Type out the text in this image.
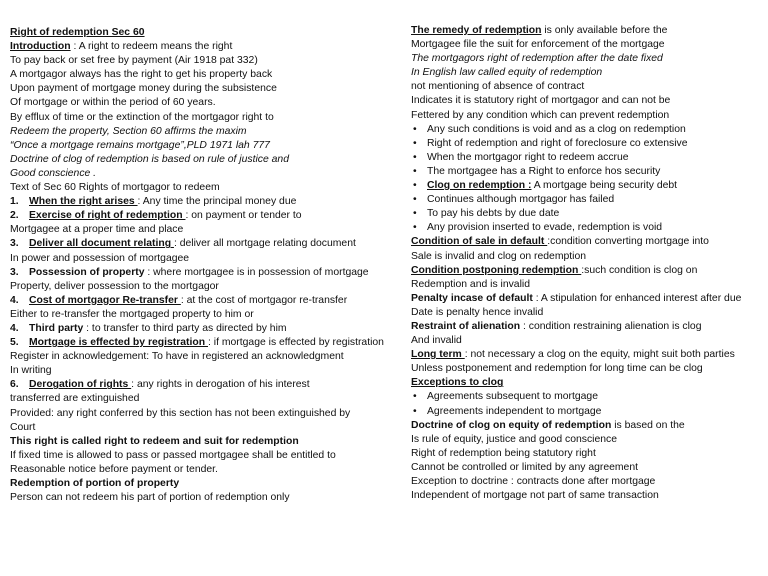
Right of redemption Sec 60
Introduction : A right to redeem means the right
To pay back or set free by payment (Air 1918 pat 332)
A mortgagor always has the right to get his property back
Upon payment of mortgage money during the subsistence
Of mortgage or within the period of 60 years.
By efflux of time or the extinction of the mortgagor right to
Redeem the property, Section 60 affirms the maxim
“Once a mortgage remains mortgage”,PLD 1971 lah 777
Doctrine of clog of redemption is based on rule of justice and
Good conscience .
Text of Sec 60 Rights of mortgagor to redeem
1. When the right arises : Any time the principal money due
2. Exercise of right of redemption : on payment or tender to
Mortgagee at a proper time and place
3. Deliver all document relating : deliver all mortgage relating document
In power and possession of mortgagee
3. Possession of property : where mortgagee is in possession of mortgage
Property, deliver possession to the mortgagor
4. Cost of mortgagor Re-transfer : at the cost of mortgagor re-transfer
Either to re-transfer the mortgaged property to him or
4. Third party : to transfer to third party as directed by him
5. Mortgage is effected by registration : if mortgage is effected by registration
Register in acknowledgement: To have in registered an acknowledgment
In writing
6. Derogation of rights : any rights in derogation of his interest
transferred are extinguished
Provided: any right conferred by this section has not been extinguished by
Court
This right is called right to redeem and suit for redemption
If fixed time is allowed to pass or passed mortgagee shall be entitled to
Reasonable notice before payment or tender.
Redemption of portion of property
Person can not redeem his part of portion of redemption only
The remedy of redemption is only available before the
Mortgagee file the suit for enforcement of the mortgage
The mortgagors right of redemption after the date fixed
In English law called equity of redemption
not mentioning of absence of contract
Indicates it is statutory right of mortgagor and can not be
Fettered by any condition which can prevent redemption
• Any such conditions is void and as a clog on redemption
• Right of redemption and right of foreclosure co extensive
• When the mortgagor right to redeem accrue
• The mortgagee has a Right to enforce hos security
• Clog on redemption : A mortgage being security debt
• Continues although mortgagor has failed
• To pay his debts by due date
• Any provision inserted to evade, redemption is void
Condition of sale in default :condition converting mortgage into
Sale is invalid and clog on redemption
Condition postponing redemption :such condition is clog on
Redemption and is invalid
Penalty incase of default : A stipulation for enhanced interest after due
Date is penalty hence invalid
Restraint of alienation : condition restraining alienation is clog
And invalid
Long term : not necessary a clog on the equity, might suit both parties
Unless postponement and redemption for long time can be clog
Exceptions to clog
• Agreements subsequent to mortgage
• Agreements independent to mortgage
Doctrine of clog on equity of redemption is based on the
Is rule of equity, justice and good conscience
Right of redemption being statutory right
Cannot be controlled or limited by any agreement
Exception to doctrine : contracts done after mortgage
Independent of mortgage not part of same transaction
